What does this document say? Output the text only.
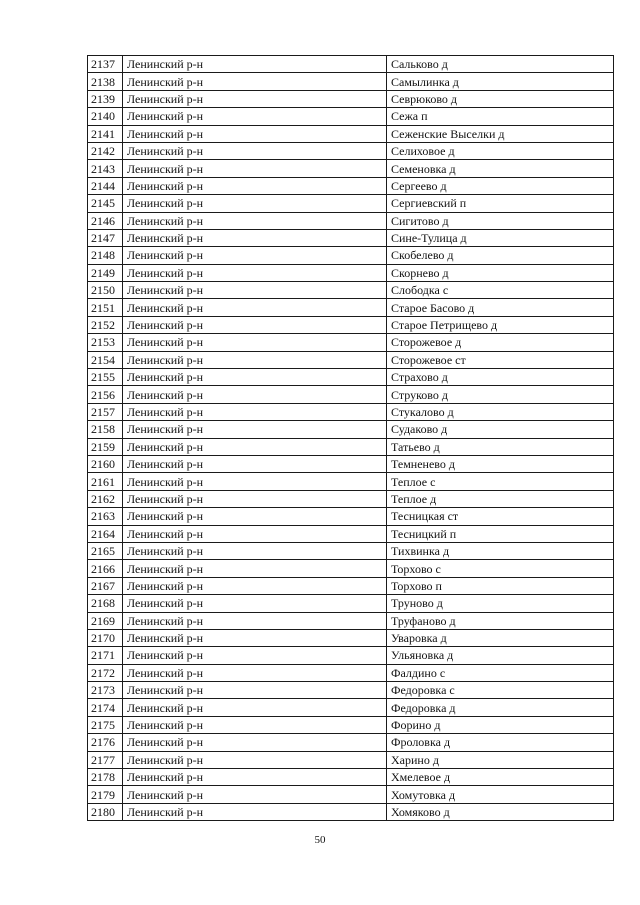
2137	Ленинский р-н	Сальково д
2138	Ленинский р-н	Самылинка д
2139	Ленинский р-н	Севрюково д
2140	Ленинский р-н	Сежа п
2141	Ленинский р-н	Сеженские Выселки д
2142	Ленинский р-н	Селиховое д
2143	Ленинский р-н	Семеновка д
2144	Ленинский р-н	Сергеево д
2145	Ленинский р-н	Сергиевский п
2146	Ленинский р-н	Сигитово д
2147	Ленинский р-н	Сине-Тулица д
2148	Ленинский р-н	Скобелево д
2149	Ленинский р-н	Скорнево д
2150	Ленинский р-н	Слободка с
2151	Ленинский р-н	Старое Басово д
2152	Ленинский р-н	Старое Петрищево д
2153	Ленинский р-н	Сторожевое д
2154	Ленинский р-н	Сторожевое ст
2155	Ленинский р-н	Страхово д
2156	Ленинский р-н	Струково д
2157	Ленинский р-н	Стукалово д
2158	Ленинский р-н	Судаково д
2159	Ленинский р-н	Татьево д
2160	Ленинский р-н	Темненево д
2161	Ленинский р-н	Теплое с
2162	Ленинский р-н	Теплое д
2163	Ленинский р-н	Тесницкая ст
2164	Ленинский р-н	Тесницкий п
2165	Ленинский р-н	Тихвинка д
2166	Ленинский р-н	Торхово с
2167	Ленинский р-н	Торхово п
2168	Ленинский р-н	Труново д
2169	Ленинский р-н	Труфаново д
2170	Ленинский р-н	Уваровка д
2171	Ленинский р-н	Ульяновка д
2172	Ленинский р-н	Фалдино с
2173	Ленинский р-н	Федоровка с
2174	Ленинский р-н	Федоровка д
2175	Ленинский р-н	Форино д
2176	Ленинский р-н	Фроловка д
2177	Ленинский р-н	Харино д
2178	Ленинский р-н	Хмелевое д
2179	Ленинский р-н	Хомутовка д
2180	Ленинский р-н	Хомяково д
50
